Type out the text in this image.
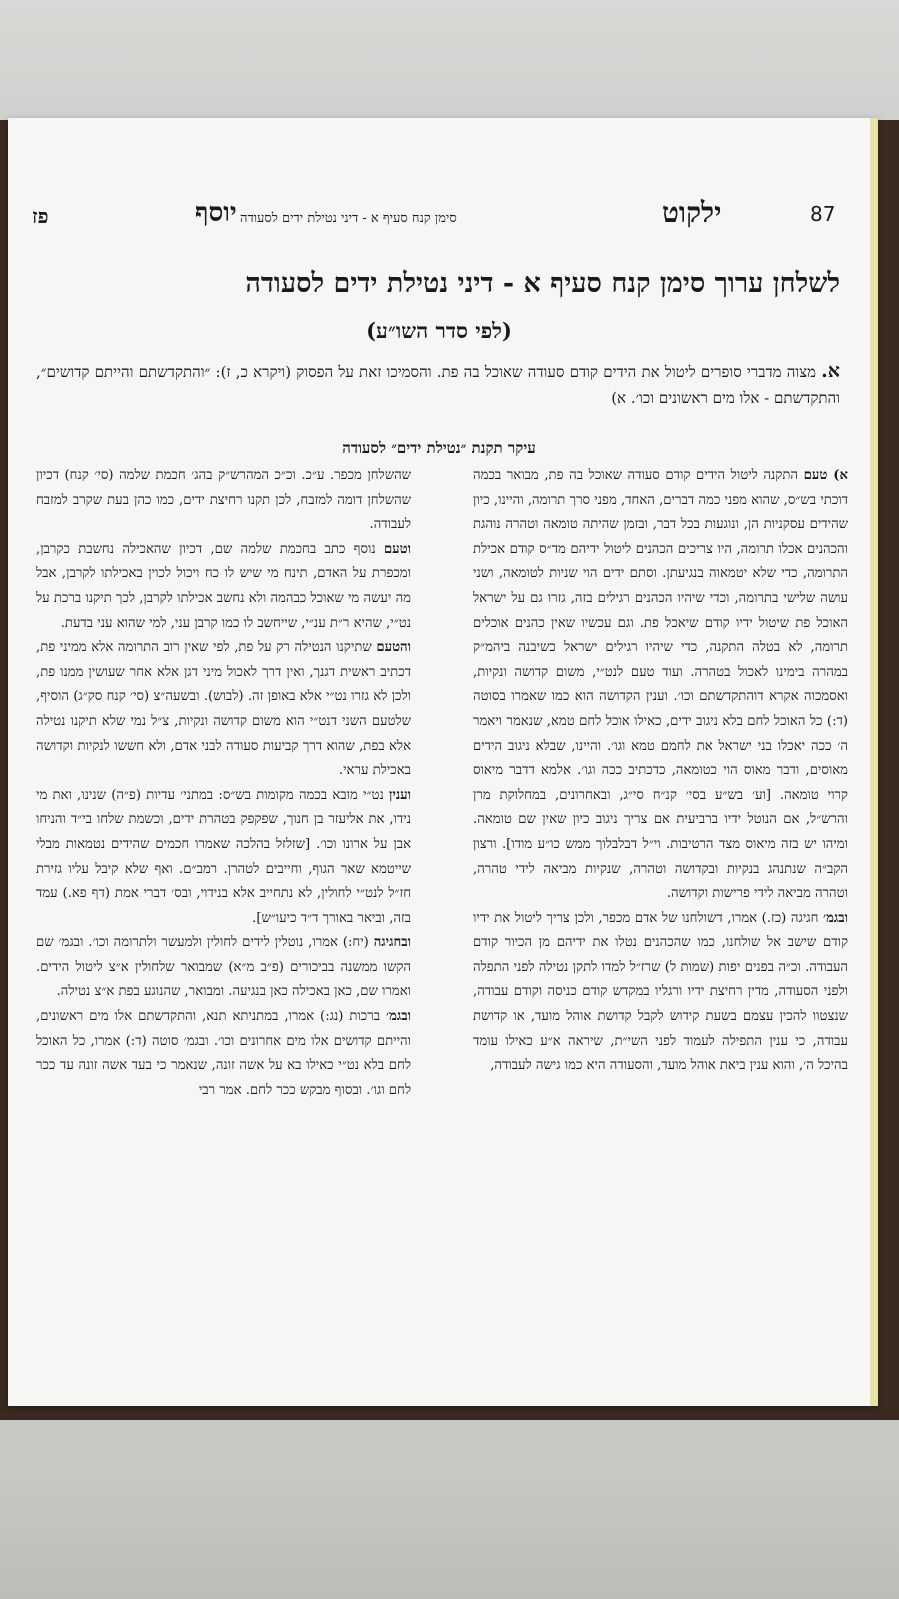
87
ילקוט
סימן קנח סעיף א - דיני נטילת ידים לסעודה
יוסף
פז
לשלחן ערוך סימן קנח סעיף א - דיני נטילת ידים לסעודה
(לפי סדר השו״ע)
א. מצוה מדברי סופרים ליטול את הידים קודם סעודה שאוכל בה פת. והסמיכו זאת על הפסוק (ויקרא כ, ז): ״והתקדשתם והייתם קדושים״, והתקדשתם - אלו מים ראשונים וכו׳. א)
עיקר תקנת ״נטילת ידים״ לסעודה

א) טעם התקנה ליטול הידים קודם סעודה שאוכל בה פת, מבואר בכמה דוכתי בש״ס, שהוא מפני כמה דברים, האחד, מפני סרך תרומה, והיינו, כיון שהידים עסקניות הן, ונוגעות בכל דבר, ובזמן שהיתה טומאה וטהרה נוהגת והכהנים אכלו תרומה, היו צריכים הכהנים ליטול ידיהם מד״ס קודם אכילת התרומה, כדי שלא יטמאוה בנגיעתן. וסתם ידים הוי שניות לטומאה, ושני עושה שלישי בתרומה, וכדי שיהיו הכהנים רגילים בזה, גזרו גם על ישראל האוכל פת שיטול ידיו קודם שיאכל פת. וגם עכשיו שאין כהנים אוכלים תרומה, לא בטלה התקנה, כדי שיהיו רגילים ישראל כשיבנה ביהמ״ק במהרה בימינו לאכול בטהרה. ועוד טעם לנט״י, משום קדושה ונקיות, ואסמכוה אקרא דוהתקדשתם וכו׳. וענין הקדושה הוא כמו שאמרו בסוטה (ד:) כל האוכל לחם בלא ניגוב ידים, כאילו אוכל לחם טמא, שנאמר ויאמר ה׳ ככה יאכלו בני ישראל את לחמם טמא וגו׳. והיינו, שבלא ניגוב הידים מאוסים, ודבר מאוס הוי כטומאה, כדכתיב ככה וגו׳. אלמא דדבר מיאוס קרוי טומאה. [וע׳ בש״ע בסי׳ קנ״ח סי״ג, ובאחרונים, במחלוקת מרן והרש״ל, אם הנוטל ידיו ברביעית אם צריך ניגוב כיון שאין שם טומאה. ומיהו יש בזה מיאוס מצד הרטיבות. וי״ל דבלבלוך ממש כו״ע מודו]. ורצון הקב״ה שנתנהג בנקיות ובקדושה וטהרה, שנקיות מביאה לידי טהרה, וטהרה מביאה לידי פרישות וקדושה.

ובגמ׳ חגיגה (כז.) אמרו, דשולחנו של אדם מכפר, ולכן צריך ליטול את ידיו קודם שישב אל שולחנו, כמו שהכהנים נטלו את ידיהם מן הכיור קודם העבודה. וכ״ה בפנים יפות (שמות ל) שרז״ל למדו לתקן נטילה לפני התפלה ולפני הסעודה, מדין רחיצת ידיו ורגליו במקדש קודם כניסה וקודם עבודה, שנצטוו להכין עצמם בשעת קידוש לקבל קדושת אוהל מועד, או קדושת עבודה, כי ענין התפילה לעמוד לפני השי״ת, שיראה א״ע כאילו עומד בהיכל ה׳, והוא ענין ביאת אוהל מועד, והסעודה היא כמו גישה לעבודה,

שהשלחן מכפר. ע״כ. וכ״כ המהרש״ק בהג׳ חכמת שלמה (סי׳ קנח) דכיון שהשלחן דומה למזבח, לכן תקנו רחיצת ידים, כמו כהן בעת שקרב למזבח לעבודה.

וטעם נוסף כתב בחכמת שלמה שם, דכיון שהאכילה נחשבת כקרבן, ומכפרת על האדם, תינח מי שיש לו כח ויכול לכוין באכילתו לקרבן, אבל מה יעשה מי שאוכל כבהמה ולא נחשב אכילתו לקרבן, לכך תיקנו ברכת על נט״י, שהיא ר״ת ענ״י, שייחשב לו כמו קרבן עני, למי שהוא עני בדעת.

והטעם שתיקנו הנטילה רק על פת, לפי שאין רוב התרומה אלא ממיני פת, דכתיב ראשית דגנך, ואין דרך לאכול מיני דגן אלא אחר שעושין ממנו פת, ולכן לא גזרו נט״י אלא באופן זה. (לבוש). ובשעה״צ (סי׳ קנח סק״ג) הוסיף, שלטעם השני דנט״י הוא משום קדושה ונקיות, צ״ל נמי שלא תיקנו נטילה אלא בפת, שהוא דרך קביעות סעודה לבני אדם, ולא חששו לנקיות וקדושה באכילת עראי.

וענין נט״י מובא בכמה מקומות בש״ס: במתני׳ עדיות (פ״ה) שנינו, ואת מי נידו, את אליעזר בן חנוך, שפקפק בטהרת ידים, וכשמת שלחו בי״ד והניחו אבן על ארונו וכו׳. [שזלזל בהלכה שאמרו חכמים שהידים נטמאות מבלי שייטמא שאר הגוף, וחייבים לטהרן. רמב״ם. ואף שלא קיבל עליו גזירת חז״ל לנט״י לחולין, לא נתחייב אלא בנידוי, ובס׳ דברי אמת (דף פא.) עמד בזה, וביאר באורך ד״ד כיעו״ש].

ובחגיגה (יח:) אמרו, נוטלין לידים לחולין ולמעשר ולתרומה וכו׳. ובגמ׳ שם הקשו ממשנה בביכורים (פ״ב מ״א) שמבואר שלחולין א״צ ליטול הידים. ואמרו שם, כאן באכילה כאן בנגיעה. ומבואר, שהנוגע בפת א״צ נטילה.

ובגמ׳ ברכות (נג:) אמרו, במתניתא תנא, והתקדשתם אלו מים ראשונים, והייתם קדושים אלו מים אחרונים וכו׳. ובגמ׳ סוטה (ד:) אמרו, כל האוכל לחם בלא נט״י כאילו בא על אשה זונה, שנאמר כי בעד אשה זונה עד ככר לחם וגו׳. ובסוף מבקש ככר לחם. אמר רבי
